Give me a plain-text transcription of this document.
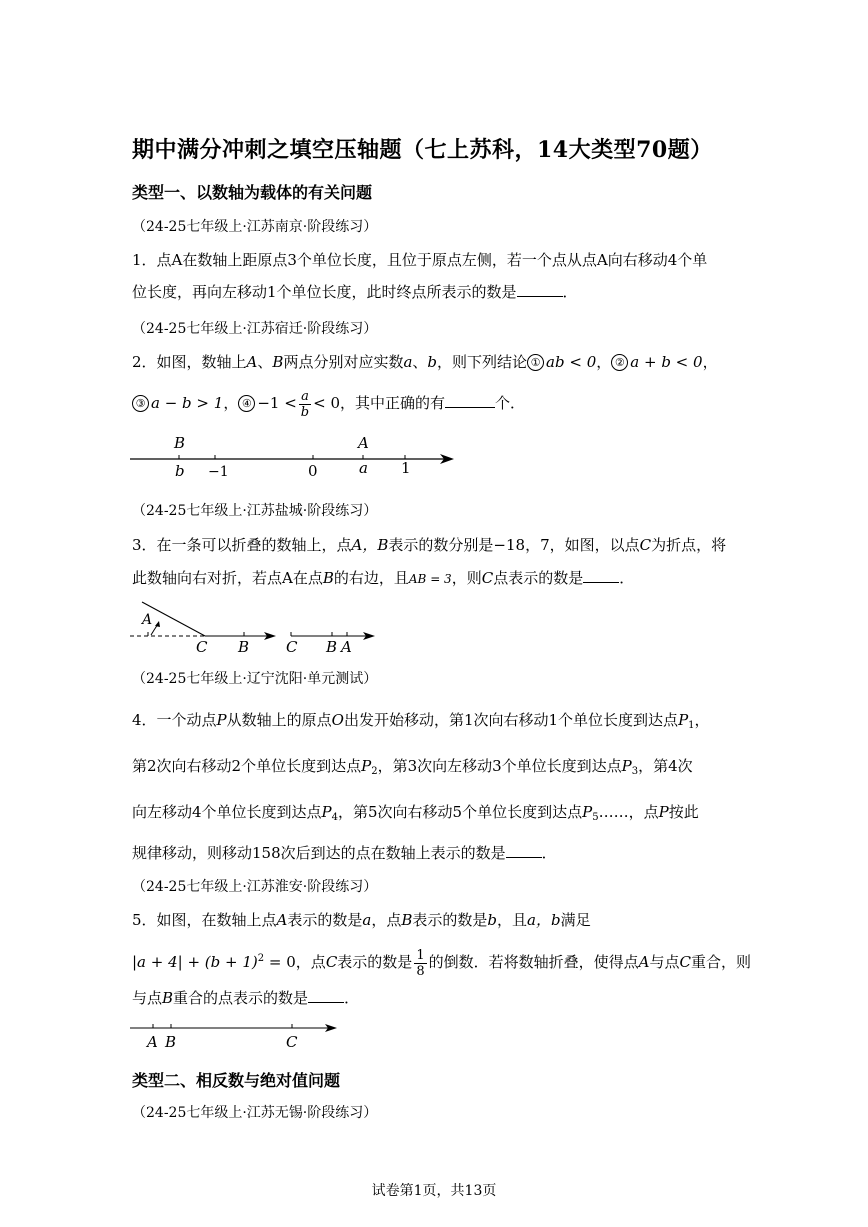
期中满分冲刺之填空压轴题（七上苏科，14大类型70题）
类型一、以数轴为载体的有关问题
（24-25七年级上·江苏南京·阶段练习）
1．点A在数轴上距原点3个单位长度，且位于原点左侧，若一个点从点A向右移动4个单
位长度，再向左移动1个单位长度，此时终点所表示的数是	．
（24-25七年级上·江苏宿迁·阶段练习）
2．如图，数轴上A、B两点分别对应实数a、b，则下列结论 ① ab < 0， ② a + b < 0，
③ a − b > 1， ④ $-1 < \frac{a}{b} < 0$，其中正确的有	个．
B	A
b −1	0	a 1
（24-25七年级上·江苏盐城·阶段练习）
3．在一条可以折叠的数轴上，点A，B表示的数分别是−18，7，如图，以点C为折点，将
此数轴向右对折，若点A在点B的右边，且AB = 3，则C点表示的数是 ．
A
C B C B A
（24-25七年级上·辽宁沈阳·单元测试）
4．一个动点P从数轴上的原点O出发开始移动，第1次向右移动1个单位长度到达点$P_1$，
第2次向右移动2个单位长度到达点$P_2$，第3次向左移动3个单位长度到达点$P_3$，第4次
向左移动4个单位长度到达点$P_4$，第5次向右移动5个单位长度到达点$P_5\dots\dots$，点P按此
规律移动，则移动158次后到达的点在数轴上表示的数是 ．
（24-25七年级上·江苏淮安·阶段练习）
5．如图，在数轴上点A表示的数是a，点B表示的数是b，且a，b满足
$|a + 4| + (b + 1)^2 = 0$，点C表示的数是 $\frac{1}{8}$ 的倒数．若将数轴折叠，使得点A与点C重合，则
与点B重合的点表示的数是 ．
A B	C
类型二、相反数与绝对值问题
（24-25七年级上·江苏无锡·阶段练习）
试卷第1页，共13页
